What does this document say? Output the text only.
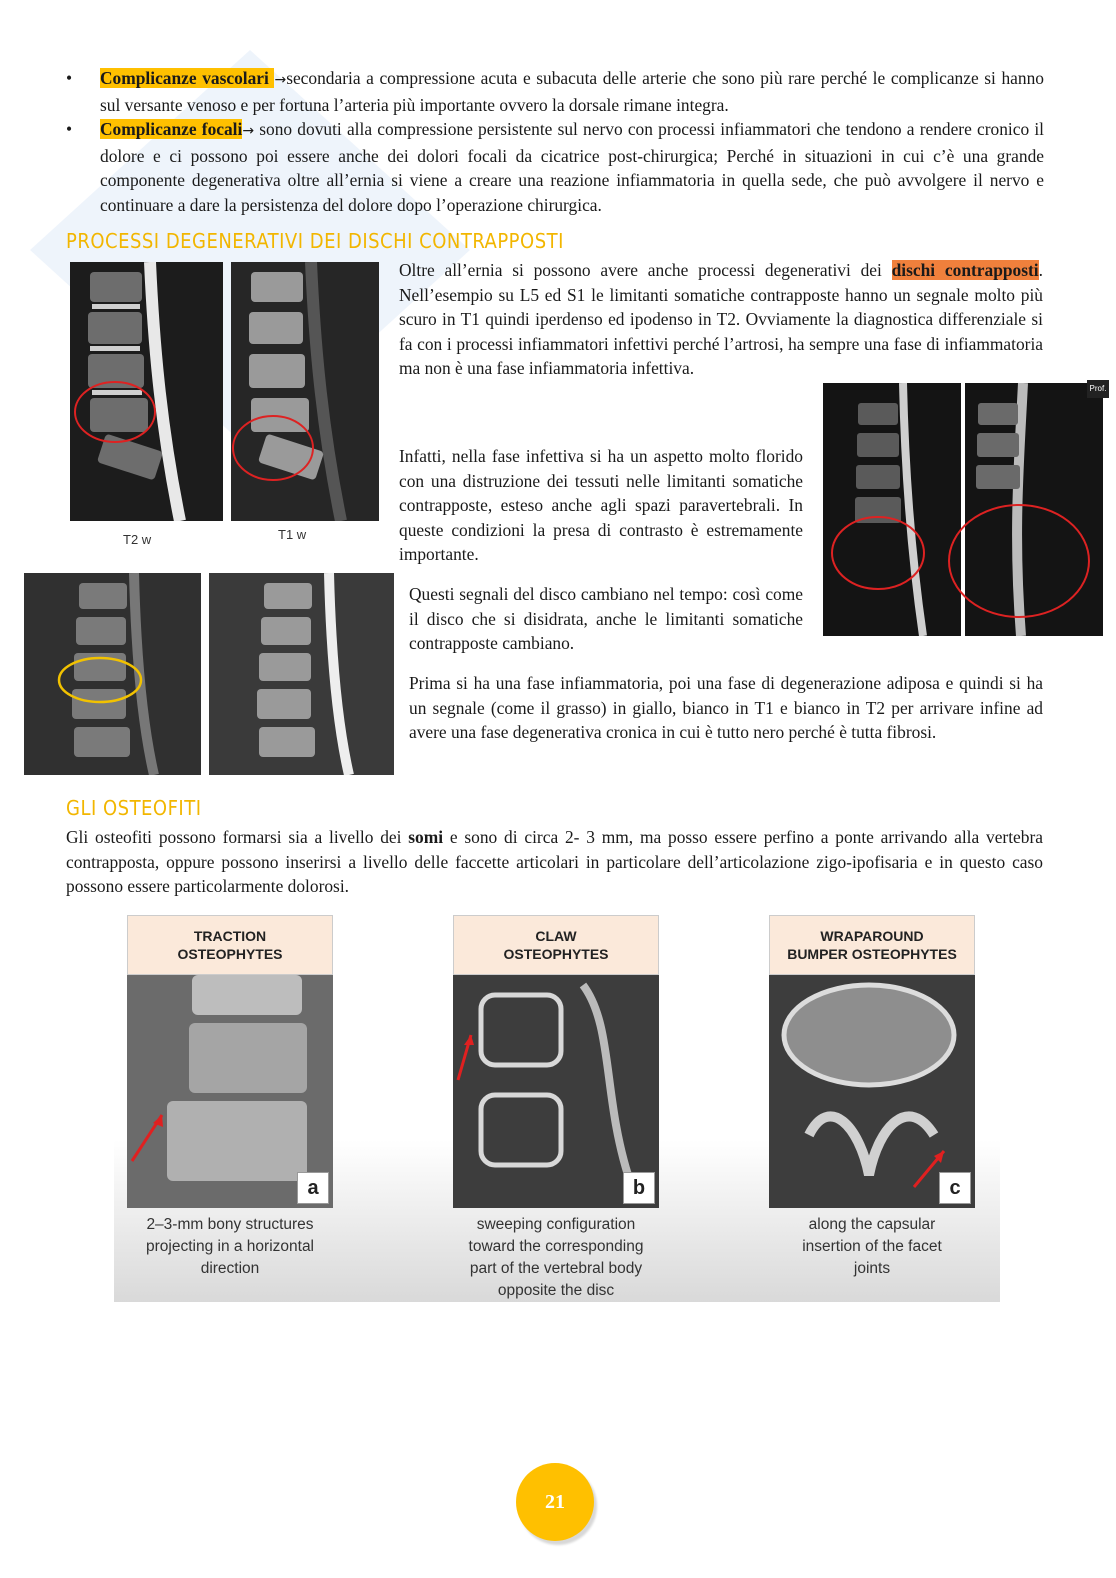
• Complicanze vascolari →secondaria a compressione acuta e subacuta delle arterie che sono più rare perché le complicanze si hanno sul versante venoso e per fortuna l’arteria più importante ovvero la dorsale rimane integra.
• Complicanze focali→ sono dovuti alla compressione persistente sul nervo con processi infiammatori che tendono a rendere cronico il dolore e ci possono poi essere anche dei dolori focali da cicatrice post-chirurgica; Perché in situazioni in cui c’è una grande componente degenerativa oltre all’ernia si viene a creare una reazione infiammatoria in quella sede, che può avvolgere il nervo e continuare a dare la persistenza del dolore dopo l’operazione chirurgica.
PROCESSI DEGENERATIVI DEI DISCHI CONTRAPPOSTI
T2 w	T1 w
Prof.

Oltre all’ernia si possono avere anche processi degenerativi dei dischi contrapposti. Nell’esempio su L5 ed S1 le limitanti somatiche contrapposte hanno un segnale molto più scuro in T1 quindi iperdenso ed ipodenso in T2. Ovviamente la diagnostica differenziale si fa con i processi infiammatori infettivi perché l’artrosi, ha sempre una fase di infiammatoria ma non è una fase infiammatoria infettiva.

Infatti, nella fase infettiva si ha un aspetto molto florido con una distruzione dei tessuti nelle limitanti somatiche contrapposte, esteso anche agli spazi paravertebrali. In queste condizioni la presa di contrasto è estremamente importante.

Questi segnali del disco cambiano nel tempo: così come il disco che si disidrata, anche le limitanti somatiche contrapposte cambiano.

Prima si ha una fase infiammatoria, poi una fase di degenerazione adiposa e quindi si ha un segnale (come il grasso) in giallo, bianco in T1 e bianco in T2 per arrivare infine ad avere una fase degenerativa cronica in cui è tutto nero perché è tutta fibrosi.

GLI OSTEOFITI

Gli osteofiti possono formarsi sia a livello dei somi e sono di circa 2- 3 mm, ma posso essere perfino a ponte arrivando alla vertebra contrapposta, oppure possono inserirsi a livello delle faccette articolari in particolare dell’articolazione zigo-ipofisaria e in questo caso possono essere particolarmente dolorosi.

TRACTION
OSTEOPHYTES
a
2–3-mm bony structures
projecting in a horizontal
direction
CLAW
OSTEOPHYTES
b
sweeping configuration
toward the corresponding
part of the vertebral body
opposite the disc
WRAPAROUND
BUMPER OSTEOPHYTES
c
along the capsular
insertion of the facet
joints
21
